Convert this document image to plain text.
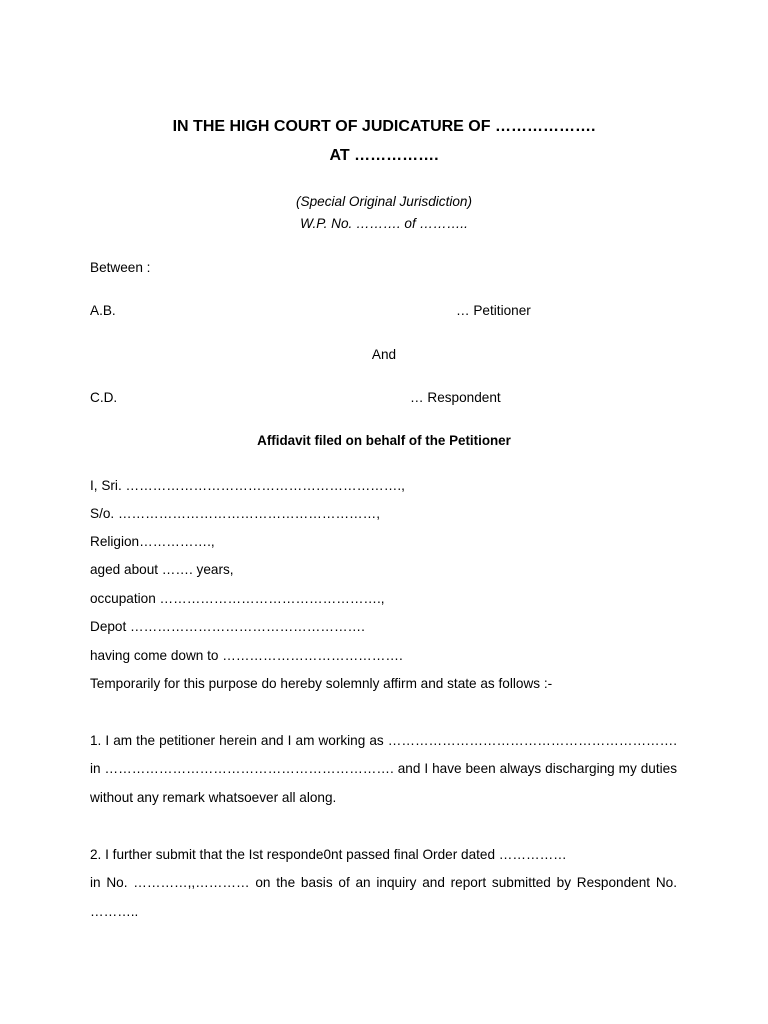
IN THE HIGH COURT OF JUDICATURE OF ……………….
AT …………….
(Special Original Jurisdiction)
W.P. No. ………. of ………..
Between :
A.B.	… Petitioner
And
C.D.	… Respondent
Affidavit filed on behalf of the Petitioner
I, Sri. …………………………………………………….,
S/o. …………………………………………………,
Religion…………….,
aged about ……. years,
occupation ………………………………………….,
Depot …………………………………………….
having come down to ………………………………….
Temporarily for this purpose do hereby solemnly affirm and state as follows :-
1. I am the petitioner herein and I am working as ……………………………………………………….
in ………………………………………………………. and I have been always discharging my duties
without any remark whatsoever all along.
2. I further submit that the Ist responde0nt passed final Order dated ……………
in No. …………,,………… on the basis of an inquiry and report submitted by Respondent No.
………..
